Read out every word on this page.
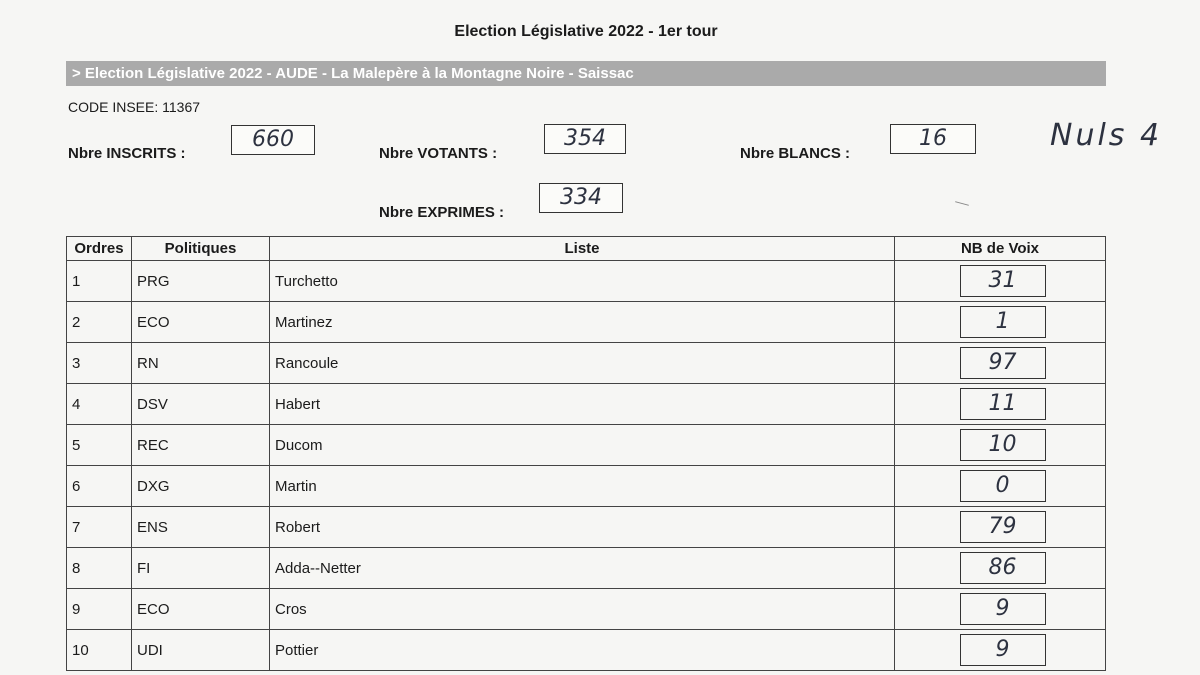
Election Législative 2022 - 1er tour
> Election Législative 2022 - AUDE - La Malepère à la Montagne Noire - Saissac
CODE INSEE: 11367
Nbre INSCRITS :
660
Nbre VOTANTS :
354
Nbre BLANCS :
16	Nuls 4
Nbre EXPRIMES :
334
Ordres	Politiques	Liste	NB de Voix
1	PRG	Turchetto	31
2	ECO	Martinez	1
3	RN	Rancoule	97
4	DSV	Habert	11
5	REC	Ducom	10
6	DXG	Martin	0
7	ENS	Robert	79
8	FI	Adda--Netter	86
9	ECO	Cros	9
10	UDI	Pottier	9
